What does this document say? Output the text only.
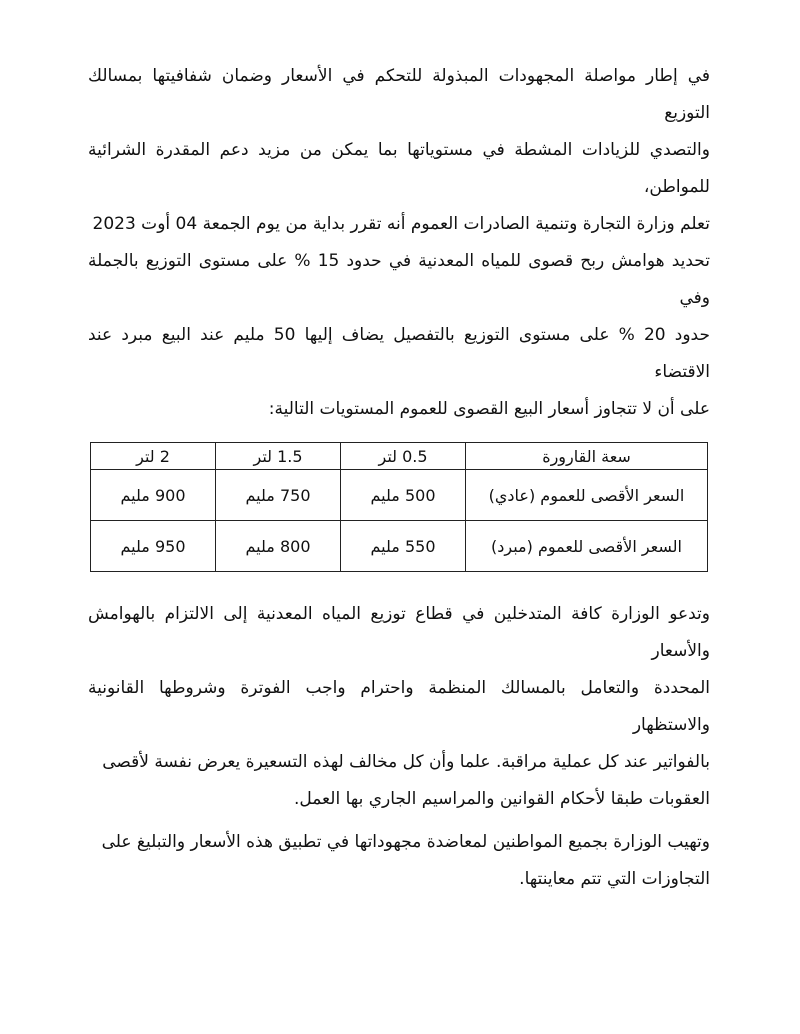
في إطار مواصلة المجهودات المبذولة للتحكم في الأسعار وضمان شفافيتها بمسالك التوزيع

والتصدي للزيادات المشطة في مستوياتها بما يمكن من مزيد دعم المقدرة الشرائية للمواطن،

تعلم وزارة التجارة وتنمية الصادرات العموم أنه تقرر بداية من يوم الجمعة 04 أوت 2023

تحديد هوامش ربح قصوى للمياه المعدنية في حدود 15 % على مستوى التوزيع بالجملة وفي

حدود 20 % على مستوى التوزيع بالتفصيل يضاف إليها 50 مليم عند البيع مبرد عند الاقتضاء

على أن لا تتجاوز أسعار البيع القصوى للعموم المستويات التالية:

سعة القارورة	0.5 لتر	1.5 لتر	2 لتر
السعر الأقصى للعموم (عادي)	500 مليم	750 مليم	900 مليم
السعر الأقصى للعموم (مبرد)	550 مليم	800 مليم	950 مليم

وتدعو الوزارة كافة المتدخلين في قطاع توزيع المياه المعدنية إلى الالتزام بالهوامش والأسعار

المحددة والتعامل بالمسالك المنظمة واحترام واجب الفوترة وشروطها القانونية والاستظهار

بالفواتير عند كل عملية مراقبة. علما وأن كل مخالف لهذه التسعيرة يعرض نفسة لأقصى

العقوبات طبقا لأحكام القوانين والمراسيم الجاري بها العمل.

وتهيب الوزارة بجميع المواطنين لمعاضدة مجهوداتها في تطبيق هذه الأسعار والتبليغ على

التجاوزات التي تتم معاينتها.
